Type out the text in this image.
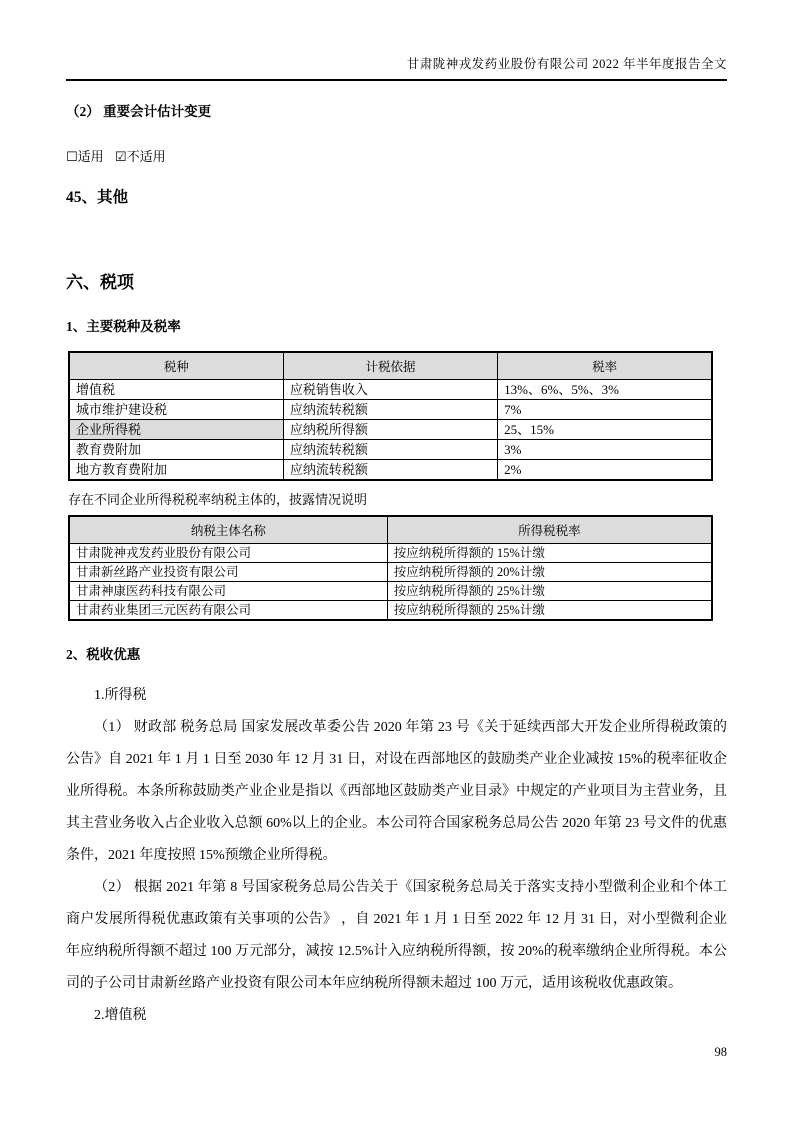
甘肃陇神戎发药业股份有限公司 2022 年半年度报告全文
（2） 重要会计估计变更
☐适用 ☑不适用
45、其他
六、税项
1、主要税种及税率
税种	计税依据	税率
增值税	应税销售收入	13%、6%、5%、3%
城市维护建设税	应纳流转税额	7%
企业所得税	应纳税所得额	25、15%
教育费附加	应纳流转税额	3%
地方教育费附加	应纳流转税额	2%

存在不同企业所得税税率纳税主体的，披露情况说明

纳税主体名称	所得税税率
甘肃陇神戎发药业股份有限公司	按应纳税所得额的 15%计缴
甘肃新丝路产业投资有限公司	按应纳税所得额的 20%计缴
甘肃神康医药科技有限公司	按应纳税所得额的 25%计缴
甘肃药业集团三元医药有限公司	按应纳税所得额的 25%计缴
2、税收优惠

1.所得税

（1） 财政部 税务总局 国家发展改革委公告 2020 年第 23 号《关于延续西部大开发企业所得税政策的公告》自 2021 年 1 月 1 日至 2030 年 12 月 31 日，对设在西部地区的鼓励类产业企业减按 15%的税率征收企业所得税。本条所称鼓励类产业企业是指以《西部地区鼓励类产业目录》中规定的产业项目为主营业务，且其主营业务收入占企业收入总额 60%以上的企业。本公司符合国家税务总局公告 2020 年第 23 号文件的优惠条件，2021 年度按照 15%预缴企业所得税。

（2） 根据 2021 年第 8 号国家税务总局公告关于《国家税务总局关于落实支持小型微利企业和个体工商户发展所得税优惠政策有关事项的公告》 ，自 2021 年 1 月 1 日至 2022 年 12 月 31 日，对小型微利企业年应纳税所得额不超过 100 万元部分，减按 12.5%计入应纳税所得额，按 20%的税率缴纳企业所得税。本公司的子公司甘肃新丝路产业投资有限公司本年应纳税所得额未超过 100 万元，适用该税收优惠政策。

2.增值税

98
